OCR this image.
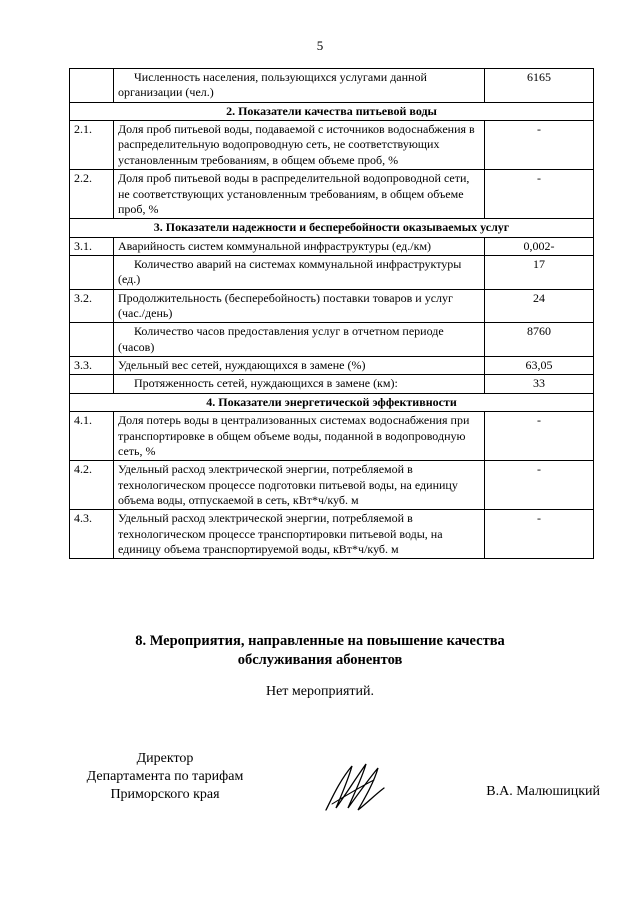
5
	Численность населения, пользующихся услугами данной организации (чел.)	6165
2. Показатели качества питьевой воды		
2.1.	Доля проб питьевой воды, подаваемой с источников водоснабжения в распределительную водопроводную сеть, не соответствующих установленным требованиям, в общем объеме проб, %	-
2.2.	Доля проб питьевой воды в распределительной водопроводной сети, не соответствующих установленным требованиям, в общем объеме проб, %	-
3. Показатели надежности и бесперебойности оказываемых услуг		
3.1.	Аварийность систем коммунальной инфраструктуры (ед./км)	0,002-
	Количество аварий на системах коммунальной инфраструктуры (ед.)	17
3.2.	Продолжительность (бесперебойность) поставки товаров и услуг (час./день)	24
	Количество часов предоставления услуг в отчетном периоде (часов)	8760
3.3.	Удельный вес сетей, нуждающихся в замене (%)	63,05
	Протяженность сетей, нуждающихся в замене (км):	33
4. Показатели энергетической эффективности		
4.1.	Доля потерь воды в централизованных системах водоснабжения при транспортировке в общем объеме воды, поданной в водопроводную сеть, %	-
4.2.	Удельный расход электрической энергии, потребляемой в технологическом процессе подготовки питьевой воды, на единицу объема воды, отпускаемой в сеть, кВт*ч/куб. м	-
4.3.	Удельный расход электрической энергии, потребляемой в технологическом процессе транспортировки питьевой воды, на единицу объема транспортируемой воды, кВт*ч/куб. м	-
8. Мероприятия, направленные на повышение качества
обслуживания абонентов
Нет мероприятий.
Директор
Департамента по тарифам
Приморского края	В.А. Малюшицкий
